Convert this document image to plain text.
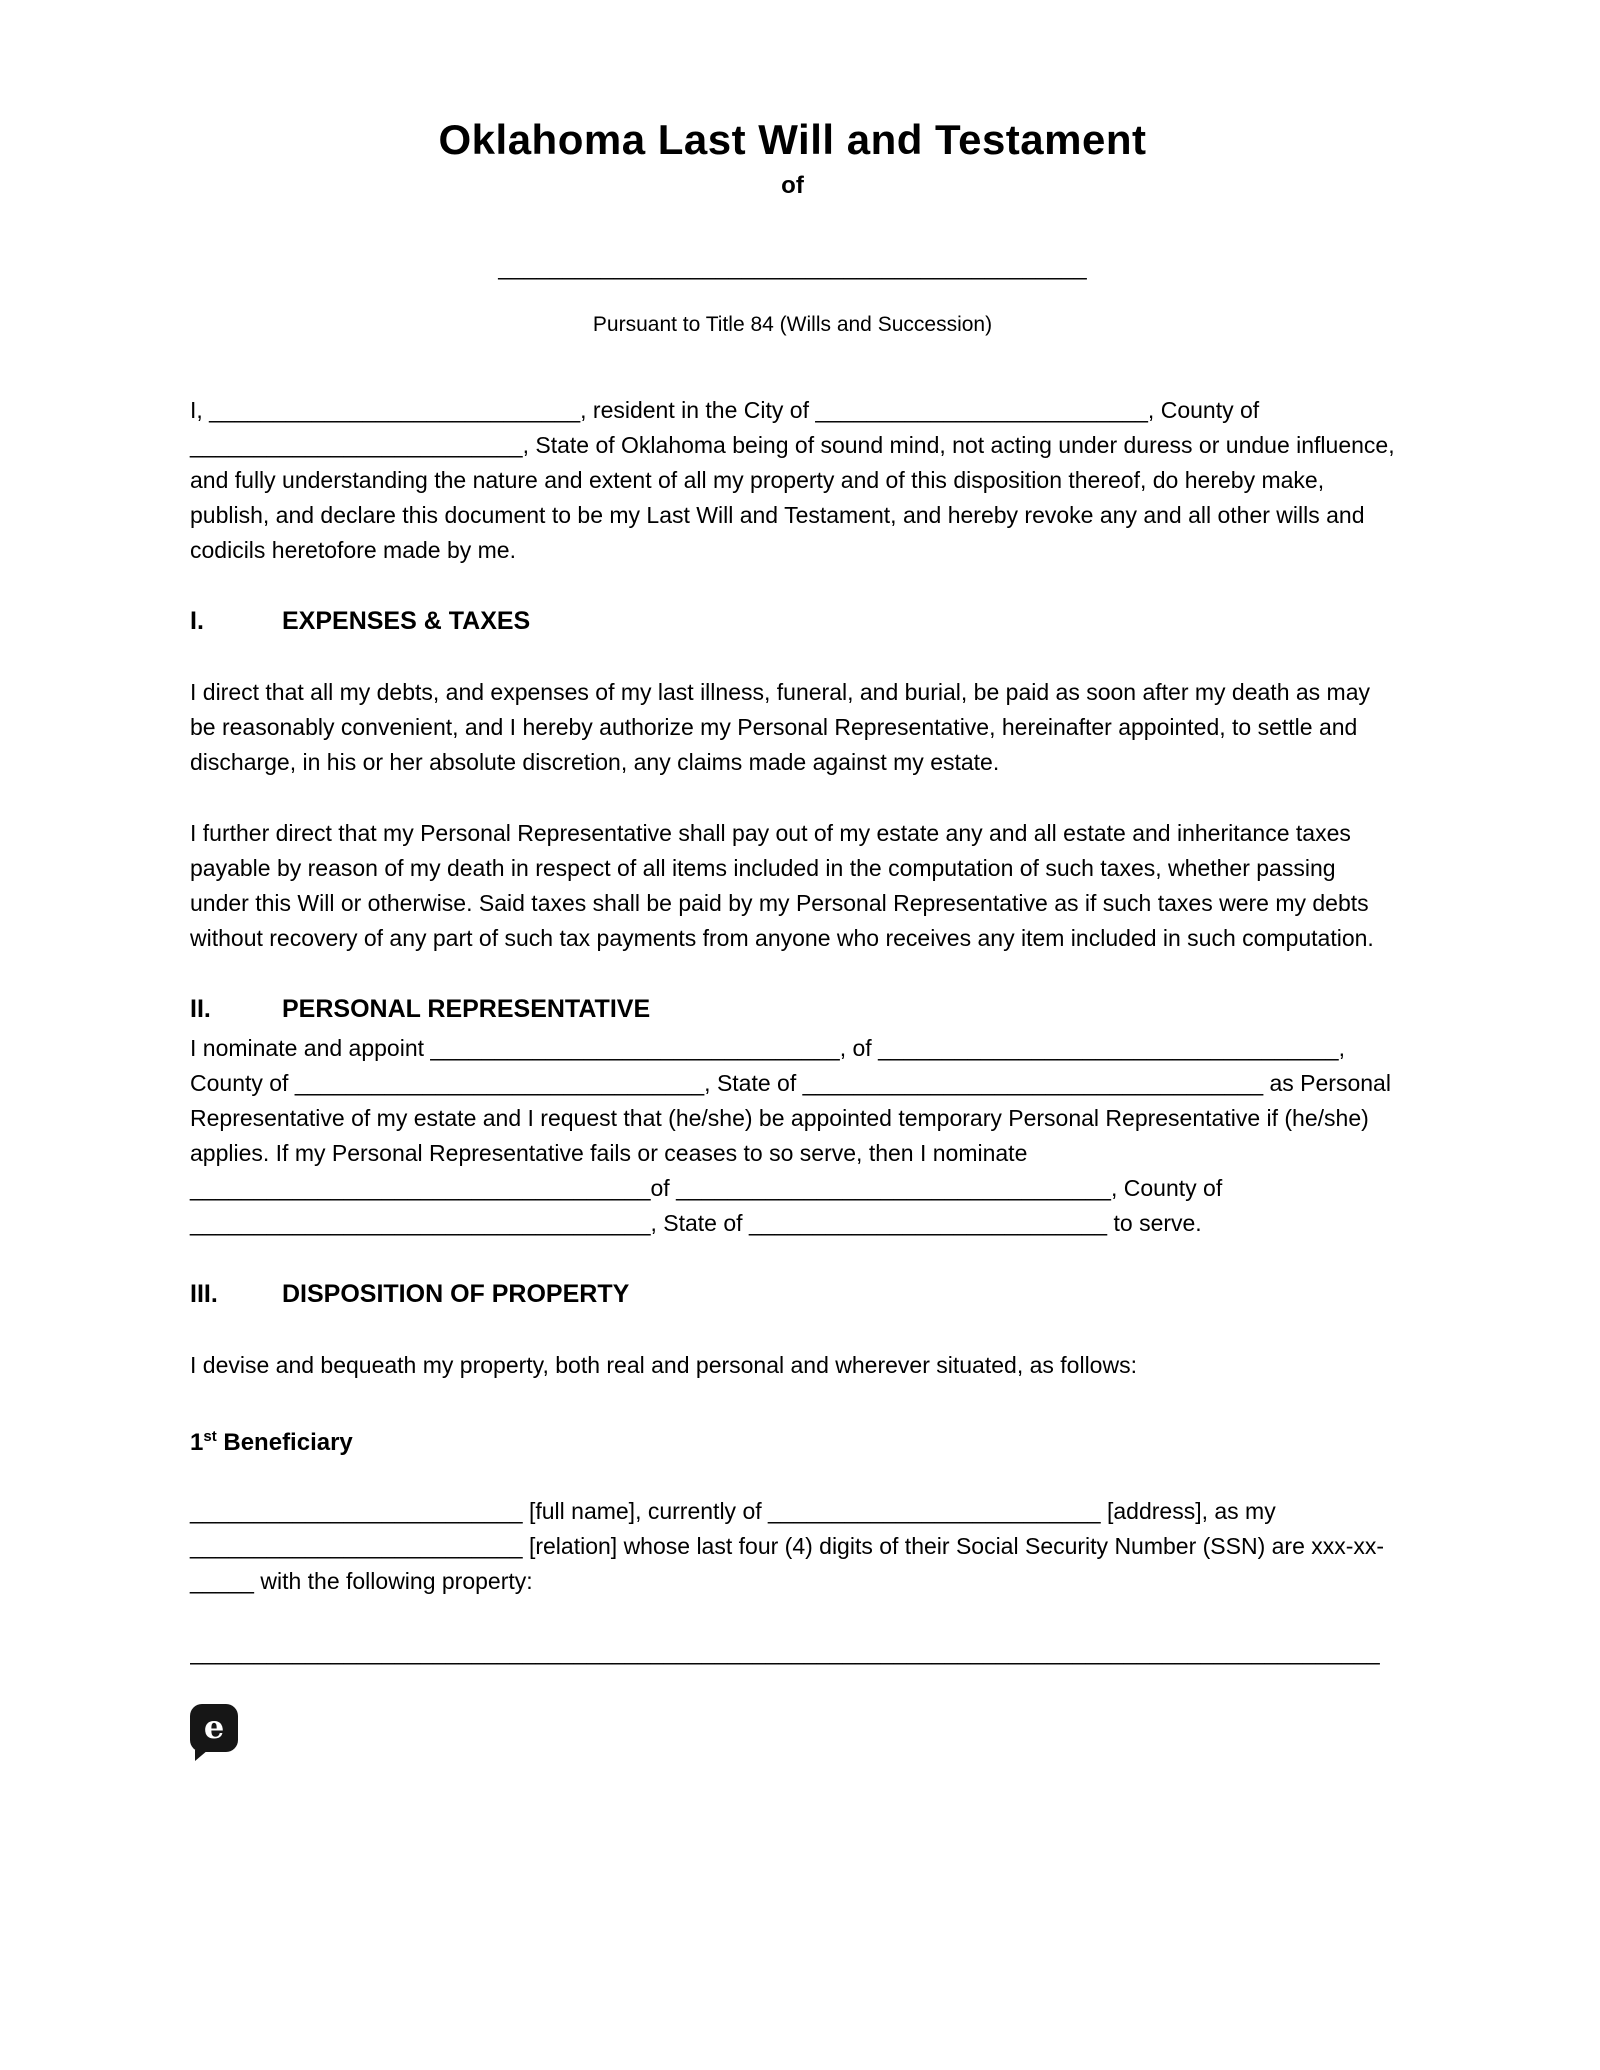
Oklahoma Last Will and Testament
of
______________________________________________
Pursuant to Title 84 (Wills and Succession)

I, _____________________________, resident in the City of __________________________, County of __________________________, State of Oklahoma being of sound mind, not acting under duress or undue influence, and fully understanding the nature and extent of all my property and of this disposition thereof, do hereby make, publish, and declare this document to be my Last Will and Testament, and hereby revoke any and all other wills and codicils heretofore made by me.

I.	EXPENSES & TAXES

I direct that all my debts, and expenses of my last illness, funeral, and burial, be paid as soon after my death as may be reasonably convenient, and I hereby authorize my Personal Representative, hereinafter appointed, to settle and discharge, in his or her absolute discretion, any claims made against my estate.

I further direct that my Personal Representative shall pay out of my estate any and all estate and inheritance taxes payable by reason of my death in respect of all items included in the computation of such taxes, whether passing under this Will or otherwise. Said taxes shall be paid by my Personal Representative as if such taxes were my debts without recovery of any part of such tax payments from anyone who receives any item included in such computation.

II.	PERSONAL REPRESENTATIVE

I nominate and appoint ________________________________, of ____________________________________, County of ________________________________, State of ____________________________________ as Personal Representative of my estate and I request that (he/she) be appointed temporary Personal Representative if (he/she) applies. If my Personal Representative fails or ceases to so serve, then I nominate ____________________________________of __________________________________, County of ____________________________________, State of ____________________________ to serve.

III.	DISPOSITION OF PROPERTY

I devise and bequeath my property, both real and personal and wherever situated, as follows:

1st Beneficiary

__________________________ [full name], currently of __________________________ [address], as my __________________________ [relation] whose last four (4) digits of their Social Security Number (SSN) are xxx-xx-_____ with the following property:

_____________________________________________________________________________________________
e
